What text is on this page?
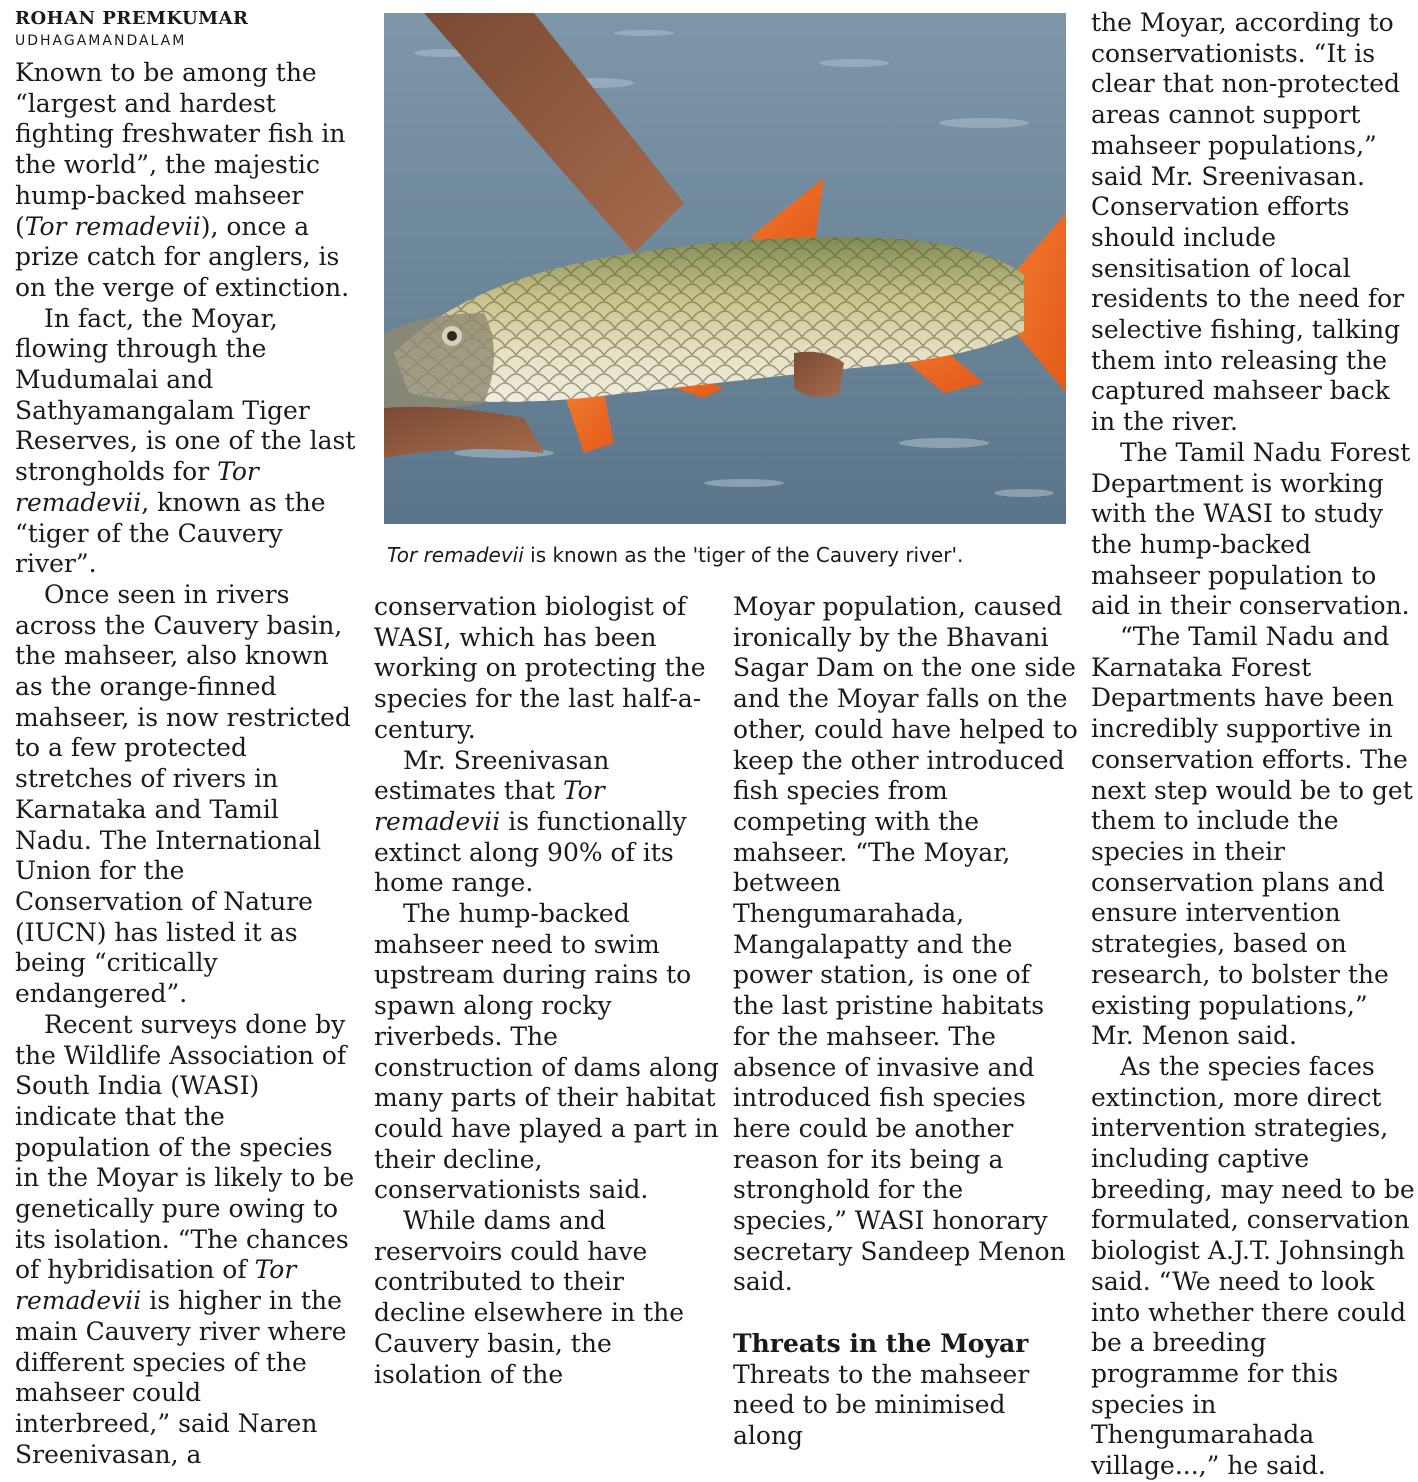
ROHAN PREMKUMAR
UDHAGAMANDALAM

Known to be among the “largest and hardest fighting freshwater fish in the world”, the majestic hump-backed mahseer (Tor remadevii), once a prize catch for anglers, is on the verge of extinction.

In fact, the Moyar, flowing through the Mudumalai and Sathyamangalam Tiger Reserves, is one of the last strongholds for Tor remadevii, known as the “tiger of the Cauvery river”.

Once seen in rivers across the Cauvery basin, the mahseer, also known as the orange-finned mahseer, is now restricted to a few protected stretches of rivers in Karnataka and Tamil Nadu. The International Union for the Conservation of Nature (IUCN) has listed it as being “critically endangered”.

Recent surveys done by the Wildlife Association of South India (WASI) indicate that the population of the species in the Moyar is likely to be genetically pure owing to its isolation. “The chances of hybridisation of Tor remadevii is higher in the main Cauvery river where different species of the mahseer could interbreed,” said Naren Sreenivasan, a

Tor remadevii is known as the 'tiger of the Cauvery river'.

conservation biologist of WASI, which has been working on protecting the species for the last half-a-century.

Mr. Sreenivasan estimates that Tor remadevii is functionally extinct along 90% of its home range.

The hump-backed mahseer need to swim upstream during rains to spawn along rocky riverbeds. The construction of dams along many parts of their habitat could have played a part in their decline, conservationists said.

While dams and reservoirs could have contributed to their decline elsewhere in the Cauvery basin, the isolation of the

Moyar population, caused ironically by the Bhavani Sagar Dam on the one side and the Moyar falls on the other, could have helped to keep the other introduced fish species from competing with the mahseer. “The Moyar, between Thengumarahada, Mangalapatty and the power station, is one of the last pristine habitats for the mahseer. The absence of invasive and introduced fish species here could be another reason for its being a stronghold for the species,” WASI honorary secretary Sandeep Menon said.

Threats in the Moyar

Threats to the mahseer need to be minimised along

the Moyar, according to conservationists. “It is clear that non-protected areas cannot support mahseer populations,” said Mr. Sreenivasan. Conservation efforts should include sensitisation of local residents to the need for selective fishing, talking them into releasing the captured mahseer back in the river.

The Tamil Nadu Forest Department is working with the WASI to study the hump-backed mahseer population to aid in their conservation.

“The Tamil Nadu and Karnataka Forest Departments have been incredibly supportive in conservation efforts. The next step would be to get them to include the species in their conservation plans and ensure intervention strategies, based on research, to bolster the existing populations,” Mr. Menon said.

As the species faces extinction, more direct intervention strategies, including captive breeding, may need to be formulated, conservation biologist A.J.T. Johnsingh said. “We need to look into whether there could be a breeding programme for this species in Thengumarahada village...,” he said.
